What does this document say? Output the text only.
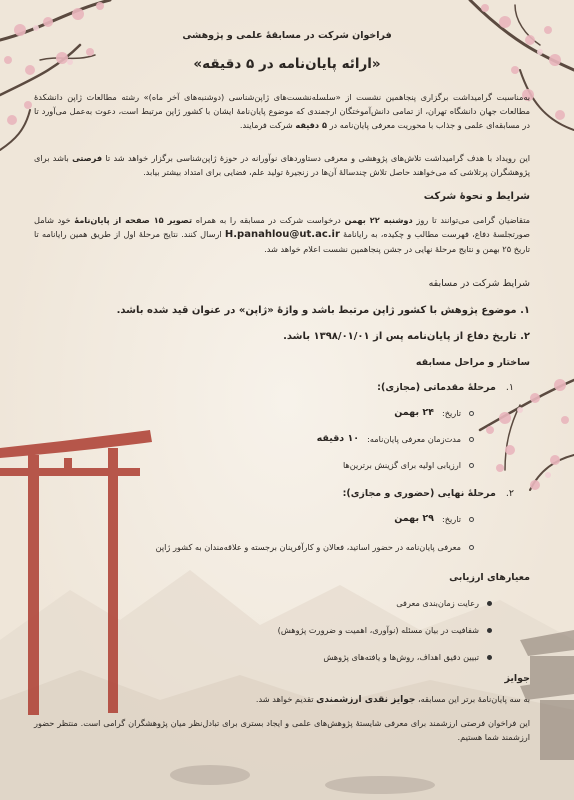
فراخوان شرکت در مسابقهٔ علمی و پژوهشی
«ارائه پایان‌نامه در ۵ دقیقه»
به‌مناسبت گرامیداشت برگزاری پنجاهمین نشست از «سلسله‌نشست‌های ژاپن‌شناسی (دوشنبه‌های آخر ماه)» رشته مطالعات ژاپن دانشکدهٔ مطالعات جهان دانشگاه تهران، از تمامی دانش‌آموختگان ارجمندی که موضوع پایان‌نامهٔ ایشان با کشور ژاپن مرتبط است، دعوت به‌عمل می‌آورد تا در مسابقه‌ای علمی و جذاب با محوریت معرفی پایان‌نامه در ۵ دقیقه شرکت فرمایند.
این رویداد با هدف گرامیداشت تلاش‌های پژوهشی و معرفی دستاوردهای نوآورانه در حوزهٔ ژاپن‌شناسی برگزار خواهد شد تا فرصتی باشد برای پژوهشگران پرتلاشی که می‌خواهند حاصل تلاش چندسالهٔ آن‌ها در زنجیرهٔ تولید علم، فضایی برای امتداد بیشتر بیابد.
شرایط و نحوهٔ شرکت
متقاضیان گرامی می‌توانند تا روز دوشنبه ۲۲ بهمن درخواست شرکت در مسابقه را به همراه تصویر ۱۵ صفحه از پایان‌نامهٔ خود شامل صورتجلسهٔ دفاع، فهرست مطالب و چکیده، به رایانامهٔ H.panahlou@ut.ac.ir ارسال کنند. نتایج مرحلهٔ اول از طریق همین رایانامه تا تاریخ ۲۵ بهمن و نتایج مرحلهٔ نهایی در جشن پنجاهمین نشست اعلام خواهد شد.
شرایط شرکت در مسابقه
۱. موضوع پژوهش با کشور ژاپن مرتبط باشد و واژهٔ «ژاپن» در عنوان قید شده باشد.
۲. تاریخ دفاع از پایان‌نامه پس از ۱۳۹۸/۰۱/۰۱ باشد.
ساختار و مراحل مسابقه
۱.
مرحلهٔ مقدماتی (مجازی):
تاریخ:
۲۴ بهمن
مدت‌زمان معرفی پایان‌نامه:
۱۰ دقیقه
ارزیابی اولیه برای گزینش برترین‌ها
۲.
مرحلهٔ نهایی (حضوری و مجازی):
تاریخ:
۲۹ بهمن
معرفی پایان‌نامه در حضور اساتید، فعالان و کارآفرینان برجسته و علاقه‌مندان به کشور ژاپن
معیارهای ارزیابی
رعایت زمان‌بندی معرفی
شفافیت در بیان مسئله (نوآوری، اهمیت و ضرورت پژوهش)
تبیین دقیق اهداف، روش‌ها و یافته‌های پژوهش
جوایز
به سه پایان‌نامهٔ برتر این مسابقه، جوایز نقدی ارزشمندی تقدیم خواهد شد.
این فراخوان فرصتی ارزشمند برای معرفی شایستهٔ پژوهش‌های علمی و ایجاد بستری برای تبادل‌نظر میان پژوهشگران گرامی است. منتظر حضور ارزشمند شما هستیم.
